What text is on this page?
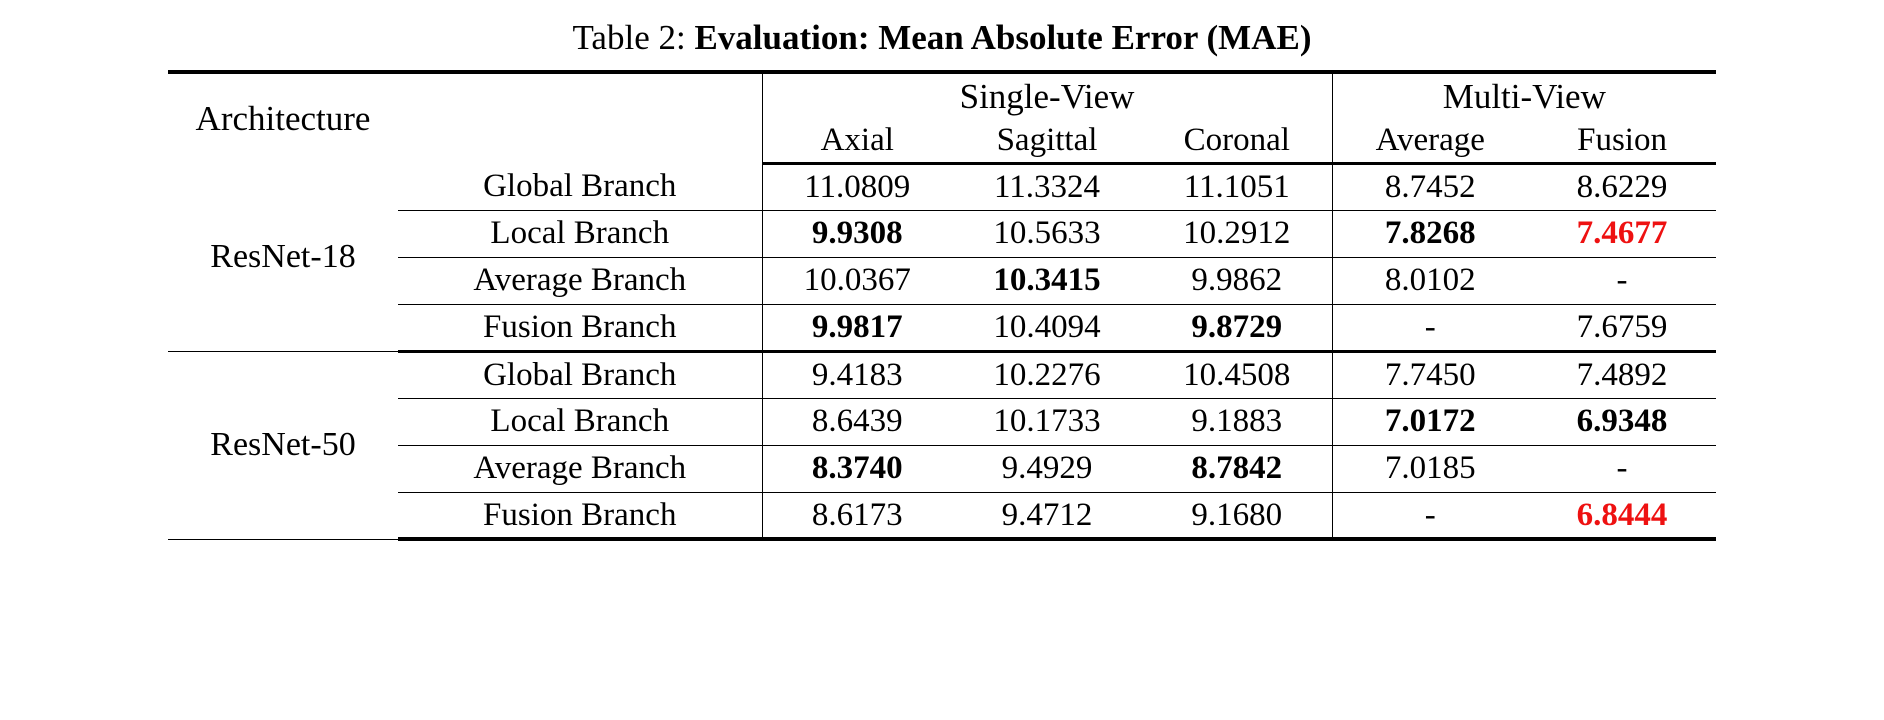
Table 2: Evaluation: Mean Absolute Error (MAE)
Architecture		Single-View			Multi-View	
		Axial	Sagittal	Coronal	Average	Fusion
ResNet-18	Global Branch	11.0809	11.3324	11.1051	8.7452	8.6229
	Local Branch	9.9308	10.5633	10.2912	7.8268	7.4677
	Average Branch	10.0367	10.3415	9.9862	8.0102	-
	Fusion Branch	9.9817	10.4094	9.8729	-	7.6759
ResNet-50	Global Branch	9.4183	10.2276	10.4508	7.7450	7.4892
	Local Branch	8.6439	10.1733	9.1883	7.0172	6.9348
	Average Branch	8.3740	9.4929	8.7842	7.0185	-
	Fusion Branch	8.6173	9.4712	9.1680	-	6.8444
